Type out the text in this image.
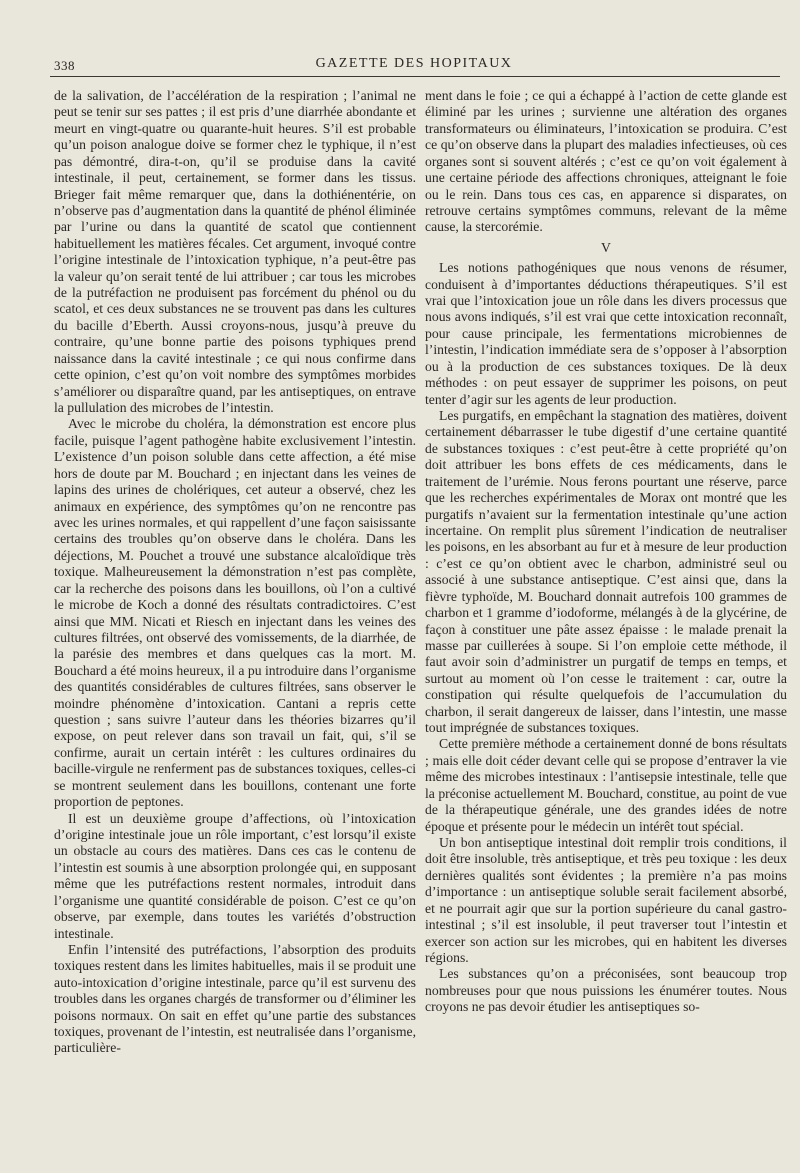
338	GAZETTE DES HOPITAUX

de la salivation, de l’accélération de la respiration ; l’animal ne peut se tenir sur ses pattes ; il est pris d’une diarrhée abondante et meurt en vingt-quatre ou quarante-huit heures. S’il est probable qu’un poison analogue doive se former chez le typhique, il n’est pas démontré, dira-t-on, qu’il se produise dans la cavité intestinale, il peut, certainement, se former dans les tissus. Brieger fait même remarquer que, dans la dothiénentérie, on n’observe pas d’augmentation dans la quantité de phénol éliminée par l’urine ou dans la quantité de scatol que contiennent habituellement les matières fécales. Cet argument, invoqué contre l’origine intestinale de l’intoxication typhique, n’a peut-être pas la valeur qu’on serait tenté de lui attribuer ; car tous les microbes de la putréfaction ne produisent pas forcément du phénol ou du scatol, et ces deux substances ne se trouvent pas dans les cultures du bacille d’Eberth. Aussi croyons-nous, jusqu’à preuve du contraire, qu’une bonne partie des poisons typhiques prend naissance dans la cavité intestinale ; ce qui nous confirme dans cette opinion, c’est qu’on voit nombre des symptômes morbides s’améliorer ou disparaître quand, par les antiseptiques, on entrave la pullulation des microbes de l’intestin.

Avec le microbe du choléra, la démonstration est encore plus facile, puisque l’agent pathogène habite exclusivement l’intestin. L’existence d’un poison soluble dans cette affection, a été mise hors de doute par M. Bouchard ; en injectant dans les veines de lapins des urines de cholériques, cet auteur a observé, chez les animaux en expérience, des symptômes qu’on ne rencontre pas avec les urines normales, et qui rappellent d’une façon saisissante certains des troubles qu’on observe dans le choléra. Dans les déjections, M. Pouchet a trouvé une substance alcaloïdique très toxique. Malheureusement la démonstration n’est pas complète, car la recherche des poisons dans les bouillons, où l’on a cultivé le microbe de Koch a donné des résultats contradictoires. C’est ainsi que MM. Nicati et Riesch en injectant dans les veines des cultures filtrées, ont observé des vomissements, de la diarrhée, de la parésie des membres et dans quelques cas la mort. M. Bouchard a été moins heureux, il a pu introduire dans l’organisme des quantités considérables de cultures filtrées, sans observer le moindre phénomène d’intoxication. Cantani a repris cette question ; sans suivre l’auteur dans les théories bizarres qu’il expose, on peut relever dans son travail un fait, qui, s’il se confirme, aurait un certain intérêt : les cultures ordinaires du bacille-virgule ne renferment pas de substances toxiques, celles-ci se montrent seulement dans les bouillons, contenant une forte proportion de peptones.

Il est un deuxième groupe d’affections, où l’intoxication d’origine intestinale joue un rôle important, c’est lorsqu’il existe un obstacle au cours des matières. Dans ces cas le contenu de l’intestin est soumis à une absorption prolongée qui, en supposant même que les putréfactions restent normales, introduit dans l’organisme une quantité considérable de poison. C’est ce qu’on observe, par exemple, dans toutes les variétés d’obstruction intestinale.

Enfin l’intensité des putréfactions, l’absorption des produits toxiques restent dans les limites habituelles, mais il se produit une auto-intoxication d’origine intestinale, parce qu’il est survenu des troubles dans les organes chargés de transformer ou d’éliminer les poisons normaux. On sait en effet qu’une partie des substances toxiques, provenant de l’intestin, est neutralisée dans l’organisme, particulière-

ment dans le foie ; ce qui a échappé à l’action de cette glande est éliminé par les urines ; survienne une altération des organes transformateurs ou éliminateurs, l’intoxication se produira. C’est ce qu’on observe dans la plupart des maladies infectieuses, où ces organes sont si souvent altérés ; c’est ce qu’on voit également à une certaine période des affections chroniques, atteignant le foie ou le rein. Dans tous ces cas, en apparence si disparates, on retrouve certains symptômes communs, relevant de la même cause, la stercorémie.

V

Les notions pathogéniques que nous venons de résumer, conduisent à d’importantes déductions thérapeutiques. S’il est vrai que l’intoxication joue un rôle dans les divers processus que nous avons indiqués, s’il est vrai que cette intoxication reconnaît, pour cause principale, les fermentations microbiennes de l’intestin, l’indication immédiate sera de s’opposer à l’absorption ou à la production de ces substances toxiques. De là deux méthodes : on peut essayer de supprimer les poisons, on peut tenter d’agir sur les agents de leur production.

Les purgatifs, en empêchant la stagnation des matières, doivent certainement débarrasser le tube digestif d’une certaine quantité de substances toxiques : c’est peut-être à cette propriété qu’on doit attribuer les bons effets de ces médicaments, dans le traitement de l’urémie. Nous ferons pourtant une réserve, parce que les recherches expérimentales de Morax ont montré que les purgatifs n’avaient sur la fermentation intestinale qu’une action incertaine. On remplit plus sûrement l’indication de neutraliser les poisons, en les absorbant au fur et à mesure de leur production : c’est ce qu’on obtient avec le charbon, administré seul ou associé à une substance antiseptique. C’est ainsi que, dans la fièvre typhoïde, M. Bouchard donnait autrefois 100 grammes de charbon et 1 gramme d’iodoforme, mélangés à de la glycérine, de façon à constituer une pâte assez épaisse : le malade prenait la masse par cuillerées à soupe. Si l’on emploie cette méthode, il faut avoir soin d’administrer un purgatif de temps en temps, et surtout au moment où l’on cesse le traitement : car, outre la constipation qui résulte quelquefois de l’accumulation du charbon, il serait dangereux de laisser, dans l’intestin, une masse tout imprégnée de substances toxiques.

Cette première méthode a certainement donné de bons résultats ; mais elle doit céder devant celle qui se propose d’entraver la vie même des microbes intestinaux : l’antisepsie intestinale, telle que la préconise actuellement M. Bouchard, constitue, au point de vue de la thérapeutique générale, une des grandes idées de notre époque et présente pour le médecin un intérêt tout spécial.

Un bon antiseptique intestinal doit remplir trois conditions, il doit être insoluble, très antiseptique, et très peu toxique : les deux dernières qualités sont évidentes ; la première n’a pas moins d’importance : un antiseptique soluble serait facilement absorbé, et ne pourrait agir que sur la portion supérieure du canal gastro-intestinal ; s’il est insoluble, il peut traverser tout l’intestin et exercer son action sur les microbes, qui en habitent les diverses régions.

Les substances qu’on a préconisées, sont beaucoup trop nombreuses pour que nous puissions les énumérer toutes. Nous croyons ne pas devoir étudier les antiseptiques so-
